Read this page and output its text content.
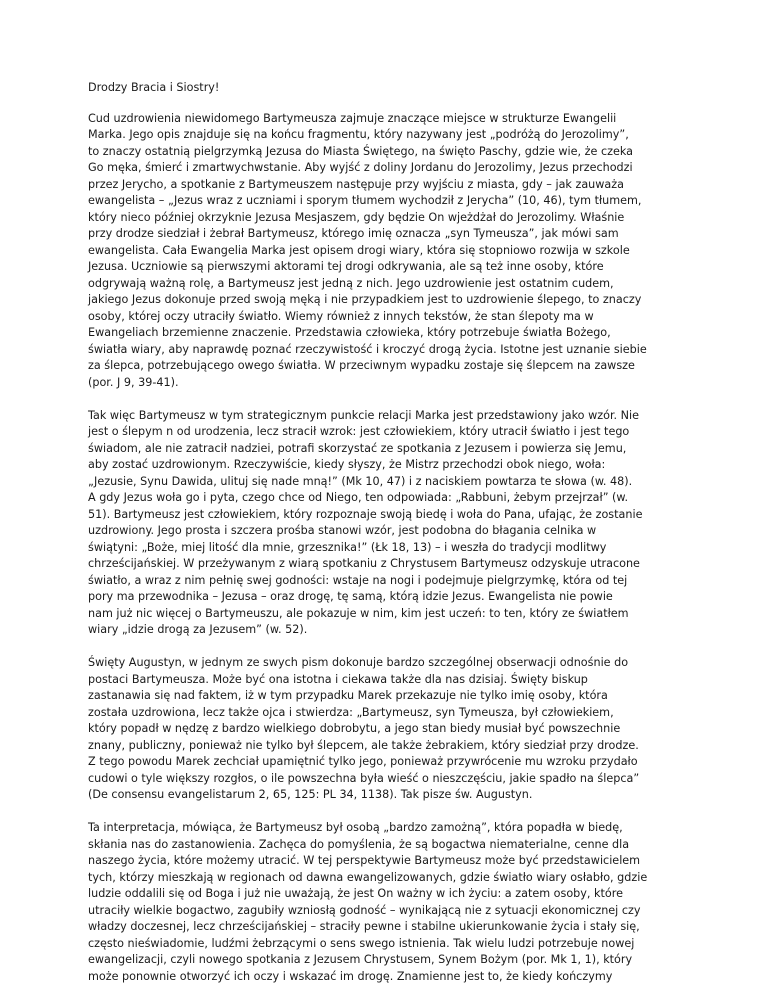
Drodzy Bracia i Siostry!

Cud uzdrowienia niewidomego Bartymeusza zajmuje znaczące miejsce w strukturze Ewangelii
Marka. Jego opis znajduje się na końcu fragmentu, który nazywany jest „podróżą do Jerozolimy”,
to znaczy ostatnią pielgrzymką Jezusa do Miasta Świętego, na święto Paschy, gdzie wie, że czeka
Go męka, śmierć i zmartwychwstanie. Aby wyjść z doliny Jordanu do Jerozolimy, Jezus przechodzi
przez Jerycho, a spotkanie z Bartymeuszem następuje przy wyjściu z miasta, gdy – jak zauważa
ewangelista – „Jezus wraz z uczniami i sporym tłumem wychodził z Jerycha” (10, 46), tym tłumem,
który nieco później okrzyknie Jezusa Mesjaszem, gdy będzie On wjeżdżał do Jerozolimy. Właśnie
przy drodze siedział i żebrał Bartymeusz, którego imię oznacza „syn Tymeusza”, jak mówi sam
ewangelista. Cała Ewangelia Marka jest opisem drogi wiary, która się stopniowo rozwija w szkole
Jezusa. Uczniowie są pierwszymi aktorami tej drogi odkrywania, ale są też inne osoby, które
odgrywają ważną rolę, a Bartymeusz jest jedną z nich. Jego uzdrowienie jest ostatnim cudem,
jakiego Jezus dokonuje przed swoją męką i nie przypadkiem jest to uzdrowienie ślepego, to znaczy
osoby, której oczy utraciły światło. Wiemy również z innych tekstów, że stan ślepoty ma w
Ewangeliach brzemienne znaczenie. Przedstawia człowieka, który potrzebuje światła Bożego,
światła wiary, aby naprawdę poznać rzeczywistość i kroczyć drogą życia. Istotne jest uznanie siebie
za ślepca, potrzebującego owego światła. W przeciwnym wypadku zostaje się ślepcem na zawsze
(por. J 9, 39-41).

Tak więc Bartymeusz w tym strategicznym punkcie relacji Marka jest przedstawiony jako wzór. Nie
jest o ślepym n od urodzenia, lecz stracił wzrok: jest człowiekiem, który utracił światło i jest tego
świadom, ale nie zatracił nadziei, potrafi skorzystać ze spotkania z Jezusem i powierza się Jemu,
aby zostać uzdrowionym. Rzeczywiście, kiedy słyszy, że Mistrz przechodzi obok niego, woła:
„Jezusie, Synu Dawida, ulituj się nade mną!” (Mk 10, 47) i z naciskiem powtarza te słowa (w. 48).
A gdy Jezus woła go i pyta, czego chce od Niego, ten odpowiada: „Rabbuni, żebym przejrzał” (w.
51). Bartymeusz jest człowiekiem, który rozpoznaje swoją biedę i woła do Pana, ufając, że zostanie
uzdrowiony. Jego prosta i szczera prośba stanowi wzór, jest podobna do błagania celnika w
świątyni: „Boże, miej litość dla mnie, grzesznika!” (Łk 18, 13) – i weszła do tradycji modlitwy
chrześcijańskiej. W przeżywanym z wiarą spotkaniu z Chrystusem Bartymeusz odzyskuje utracone
światło, a wraz z nim pełnię swej godności: wstaje na nogi i podejmuje pielgrzymkę, która od tej
pory ma przewodnika – Jezusa – oraz drogę, tę samą, którą idzie Jezus. Ewangelista nie powie
nam już nic więcej o Bartymeuszu, ale pokazuje w nim, kim jest uczeń: to ten, który ze światłem
wiary „idzie drogą za Jezusem” (w. 52).

Święty Augustyn, w jednym ze swych pism dokonuje bardzo szczególnej obserwacji odnośnie do
postaci Bartymeusza. Może być ona istotna i ciekawa także dla nas dzisiaj. Święty biskup
zastanawia się nad faktem, iż w tym przypadku Marek przekazuje nie tylko imię osoby, która
została uzdrowiona, lecz także ojca i stwierdza: „Bartymeusz, syn Tymeusza, był człowiekiem,
który popadł w nędzę z bardzo wielkiego dobrobytu, a jego stan biedy musiał być powszechnie
znany, publiczny, ponieważ nie tylko był ślepcem, ale także żebrakiem, który siedział przy drodze.
Z tego powodu Marek zechciał upamiętnić tylko jego, ponieważ przywrócenie mu wzroku przydało
cudowi o tyle większy rozgłos, o ile powszechna była wieść o nieszczęściu, jakie spadło na ślepca”
(De consensu evangelistarum 2, 65, 125: PL 34, 1138). Tak pisze św. Augustyn.

Ta interpretacja, mówiąca, że Bartymeusz był osobą „bardzo zamożną”, która popadła w biedę,
skłania nas do zastanowienia. Zachęca do pomyślenia, że są bogactwa niematerialne, cenne dla
naszego życia, które możemy utracić. W tej perspektywie Bartymeusz może być przedstawicielem
tych, którzy mieszkają w regionach od dawna ewangelizowanych, gdzie światło wiary osłabło, gdzie
ludzie oddalili się od Boga i już nie uważają, że jest On ważny w ich życiu: a zatem osoby, które
utraciły wielkie bogactwo, zagubiły wzniosłą godność – wynikającą nie z sytuacji ekonomicznej czy
władzy doczesnej, lecz chrześcijańskiej – straciły pewne i stabilne ukierunkowanie życia i stały się,
często nieświadomie, ludźmi żebrzącymi o sens swego istnienia. Tak wielu ludzi potrzebuje nowej
ewangelizacji, czyli nowego spotkania z Jezusem Chrystusem, Synem Bożym (por. Mk 1, 1), który
może ponownie otworzyć ich oczy i wskazać im drogę. Znamienne jest to, że kiedy kończymy
